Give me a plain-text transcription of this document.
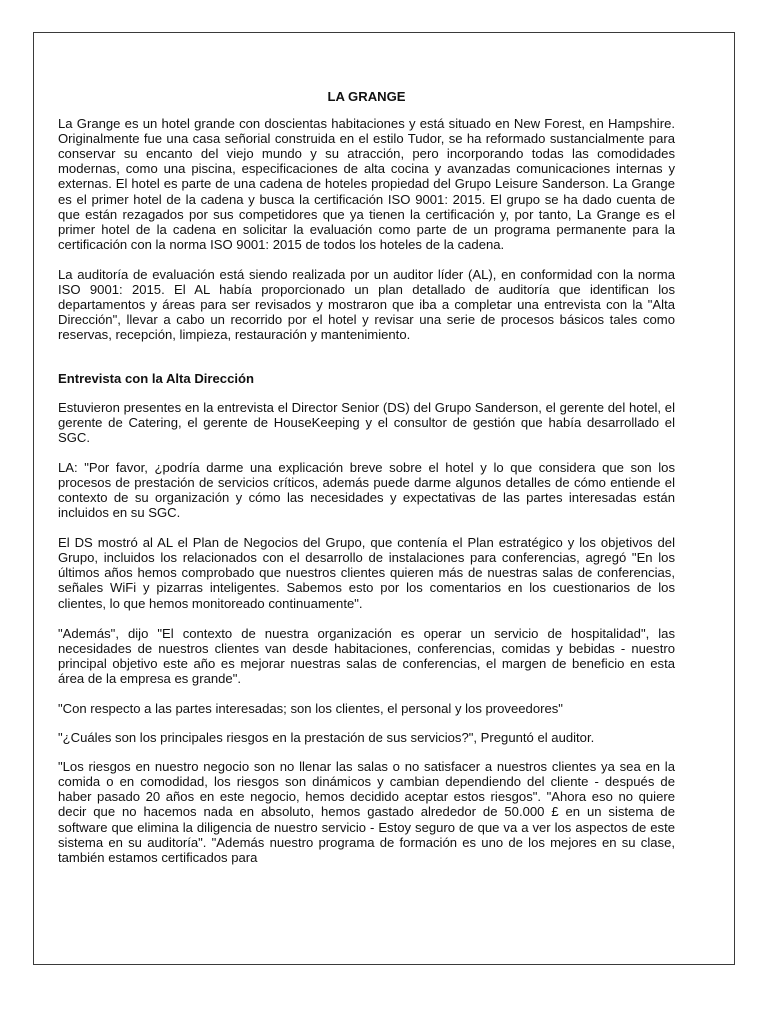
LA GRANGE

La Grange es un hotel grande con doscientas habitaciones y está situado en New Forest, en Hampshire. Originalmente fue una casa señorial construida en el estilo Tudor, se ha reformado sustancialmente para conservar su encanto del viejo mundo y su atracción, pero incorporando todas las comodidades modernas, como una piscina, especificaciones de alta cocina y avanzadas comunicaciones internas y externas. El hotel es parte de una cadena de hoteles propiedad del Grupo Leisure Sanderson. La Grange es el primer hotel de la cadena y busca la certificación ISO 9001: 2015. El grupo se ha dado cuenta de que están rezagados por sus competidores que ya tienen la certificación y, por tanto, La Grange es el primer hotel de la cadena en solicitar la evaluación como parte de un programa permanente para la certificación con la norma ISO 9001: 2015 de todos los hoteles de la cadena.

La auditoría de evaluación está siendo realizada por un auditor líder (AL), en conformidad con la norma ISO 9001: 2015. El AL había proporcionado un plan detallado de auditoría que identifican los departamentos y áreas para ser revisados y mostraron que iba a completar una entrevista con la "Alta Dirección", llevar a cabo un recorrido por el hotel y revisar una serie de procesos básicos tales como reservas, recepción, limpieza, restauración y mantenimiento.

Entrevista con la Alta Dirección

Estuvieron presentes en la entrevista el Director Senior (DS) del Grupo Sanderson, el gerente del hotel, el gerente de Catering, el gerente de HouseKeeping y el consultor de gestión que había desarrollado el SGC.

LA: "Por favor, ¿podría darme una explicación breve sobre el hotel y lo que considera que son los procesos de prestación de servicios críticos, además puede darme algunos detalles de cómo entiende el contexto de su organización y cómo las necesidades y expectativas de las partes interesadas están incluidos en su SGC.

El DS mostró al AL el Plan de Negocios del Grupo, que contenía el Plan estratégico y los objetivos del Grupo, incluidos los relacionados con el desarrollo de instalaciones para conferencias, agregó "En los últimos años hemos comprobado que nuestros clientes quieren más de nuestras salas de conferencias, señales WiFi y pizarras inteligentes. Sabemos esto por los comentarios en los cuestionarios de los clientes, lo que hemos monitoreado continuamente".

"Además", dijo "El contexto de nuestra organización es operar un servicio de hospitalidad", las necesidades de nuestros clientes van desde habitaciones, conferencias, comidas y bebidas - nuestro principal objetivo este año es mejorar nuestras salas de conferencias, el margen de beneficio en esta área de la empresa es grande".

"Con respecto a las partes interesadas; son los clientes, el personal y los proveedores"

"¿Cuáles son los principales riesgos en la prestación de sus servicios?", Preguntó el auditor.

"Los riesgos en nuestro negocio son no llenar las salas o no satisfacer a nuestros clientes ya sea en la comida o en comodidad, los riesgos son dinámicos y cambian dependiendo del cliente - después de haber pasado 20 años en este negocio, hemos decidido aceptar estos riesgos". "Ahora eso no quiere decir que no hacemos nada en absoluto, hemos gastado alrededor de 50.000 £ en un sistema de software que elimina la diligencia de nuestro servicio - Estoy seguro de que va a ver los aspectos de este sistema en su auditoría". "Además nuestro programa de formación es uno de los mejores en su clase, también estamos certificados para
